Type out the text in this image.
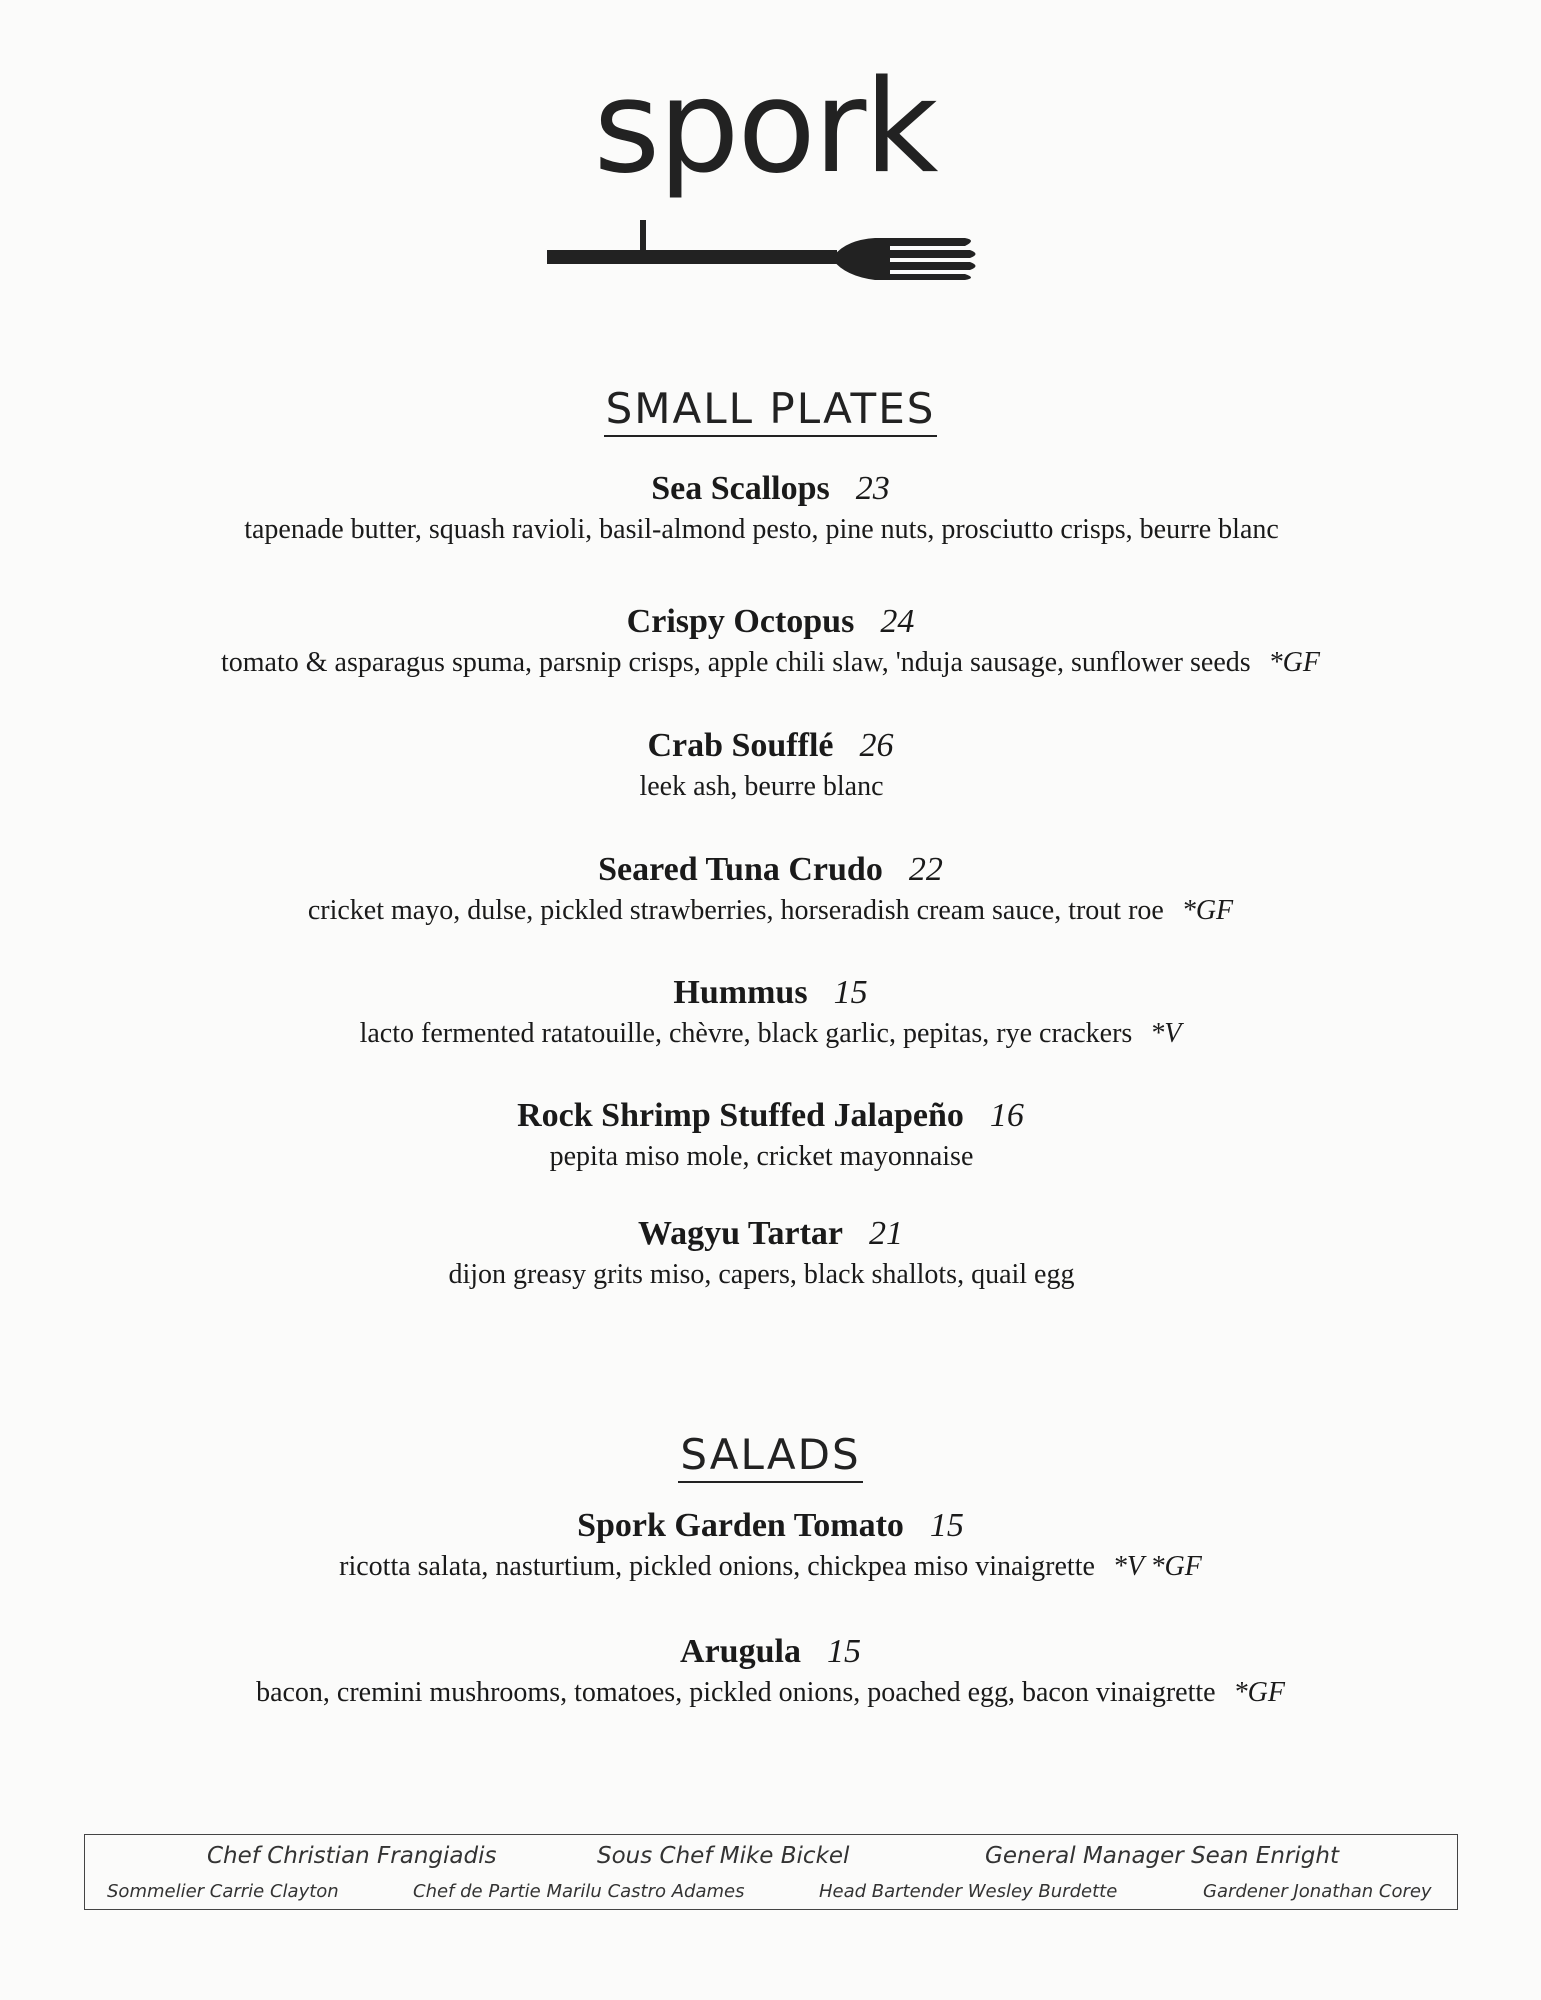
spork
SMALL PLATES
Sea Scallops 23
tapenade butter, squash ravioli, basil-almond pesto, pine nuts, prosciutto crisps, beurre blanc
Crispy Octopus 24
tomato & asparagus spuma, parsnip crisps, apple chili slaw, 'nduja sausage, sunflower seeds *GF
Crab Soufflé 26
leek ash, beurre blanc
Seared Tuna Crudo 22
cricket mayo, dulse, pickled strawberries, horseradish cream sauce, trout roe *GF
Hummus 15
lacto fermented ratatouille, chèvre, black garlic, pepitas, rye crackers *V
Rock Shrimp Stuffed Jalapeño 16
pepita miso mole, cricket mayonnaise
Wagyu Tartar 21
dijon greasy grits miso, capers, black shallots, quail egg
SALADS
Spork Garden Tomato 15
ricotta salata, nasturtium, pickled onions, chickpea miso vinaigrette *V *GF
Arugula 15
bacon, cremini mushrooms, tomatoes, pickled onions, poached egg, bacon vinaigrette *GF
Chef Christian Frangiadis	Sous Chef Mike Bickel	General Manager Sean Enright
Sommelier Carrie Clayton	Chef de Partie Marilu Castro Adames	Head Bartender Wesley Burdette	Gardener Jonathan Corey
